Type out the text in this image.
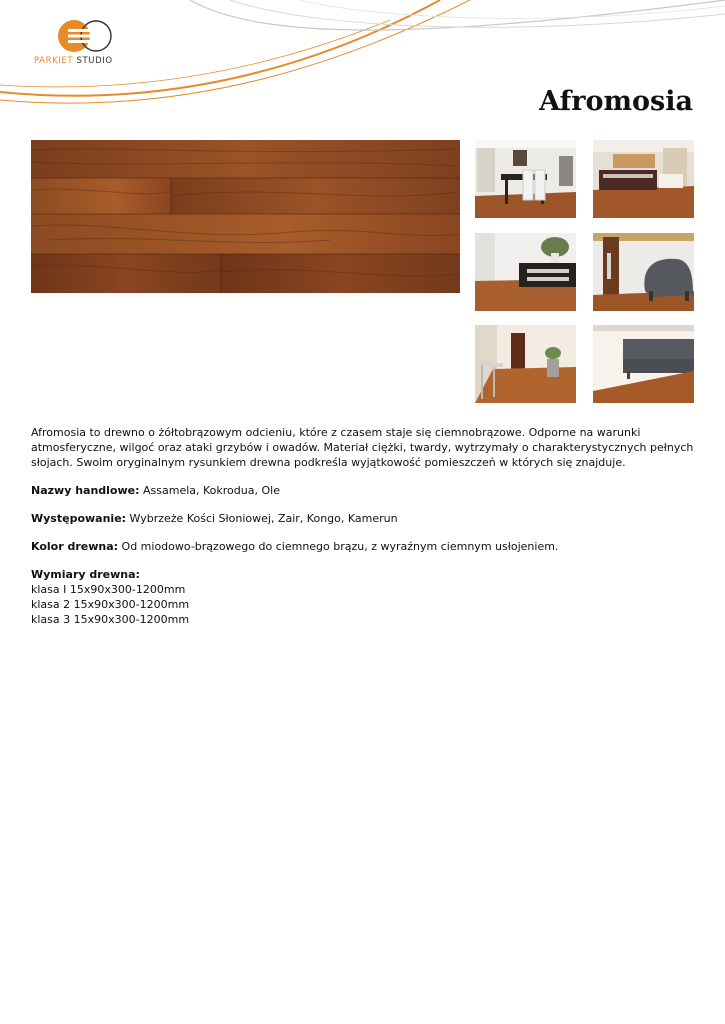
PARKIET STUDIO
Afromosia

Afromosia to drewno o żółtobrązowym odcieniu, które z czasem staje się ciemnobrązowe. Odporne na warunki atmosferyczne, wilgoć oraz ataki grzybów i owadów. Materiał ciężki, twardy, wytrzymały o charakterystycznych pełnych słojach. Swoim oryginalnym rysunkiem drewna podkreśla wyjątkowość pomieszczeń w których się znajduje.

Nazwy handlowe: Assamela, Kokrodua, Ole

Występowanie: Wybrzeże Kości Słoniowej, Zair, Kongo, Kamerun

Kolor drewna: Od miodowo-brązowego do ciemnego brązu, z wyraźnym ciemnym usłojeniem.

Wymiary drewna:
klasa I 15x90x300-1200mm
klasa 2 15x90x300-1200mm
klasa 3 15x90x300-1200mm
